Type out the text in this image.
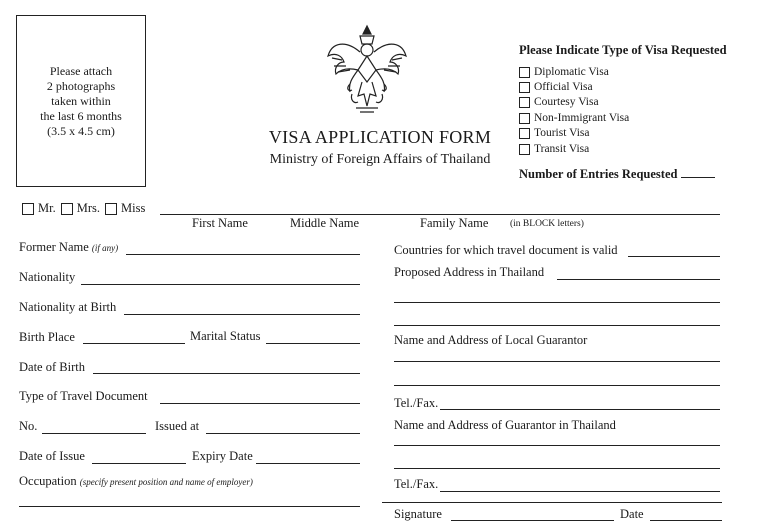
Please attach
2 photographs
taken within
the last 6 months
(3.5 x 4.5 cm)	VISA APPLICATION FORM
Ministry of Foreign Affairs of Thailand
Please Indicate Type of Visa Requested
Diplomatic Visa
Official Visa
Courtesy Visa
Non-Immigrant Visa
Tourist Visa
Transit Visa
Number of Entries Requested
Mr. Mrs. Miss
First Name	Middle Name	Family Name (in BLOCK letters)
Former Name (if any)
Nationality
Nationality at Birth
Birth Place	Marital Status
Date of Birth
Type of Travel Document
No.	Issued at
Date of Issue	Expiry Date
Occupation (specify present position and name of employer)
Countries for which travel document is valid
Proposed Address in Thailand
Name and Address of Local Guarantor
Tel./Fax.
Name and Address of Guarantor in Thailand
Tel./Fax.
Signature	Date
